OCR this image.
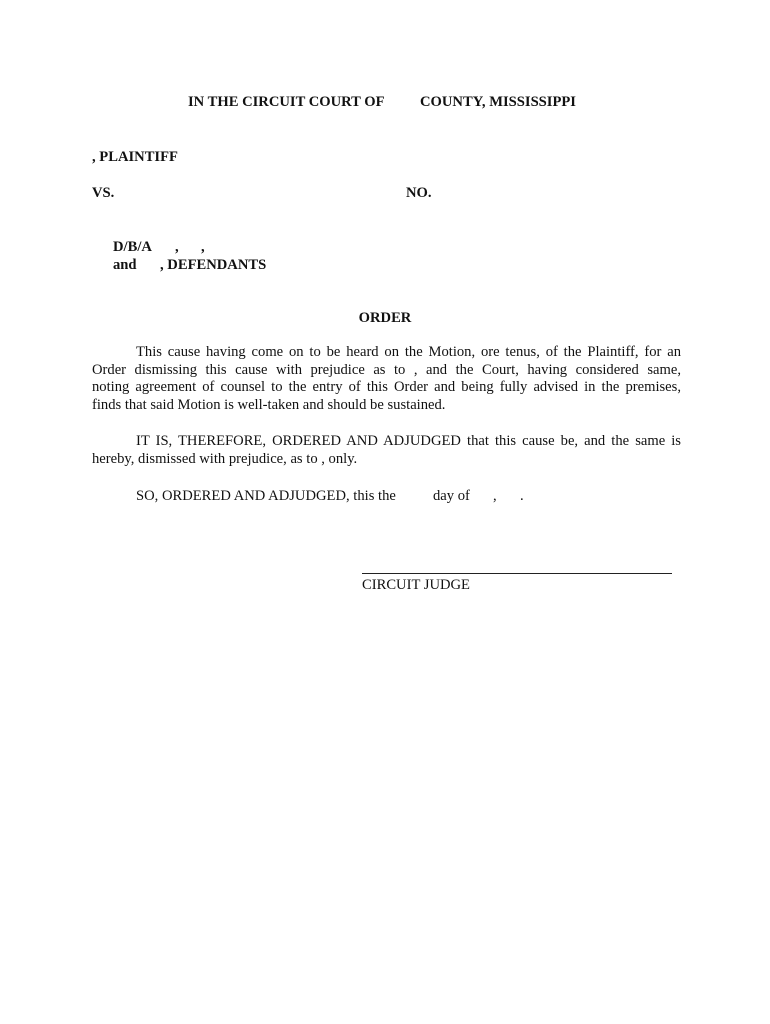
IN THE CIRCUIT COURT OF COUNTY, MISSISSIPPI
, PLAINTIFF
VS.	NO.
D/B/A , ,
and , DEFENDANTS
ORDER
This cause having come on to be heard on the Motion, ore tenus, of the Plaintiff, for an
Order dismissing this cause with prejudice as to , and the Court, having considered same,
noting agreement of counsel to the entry of this Order and being fully advised in the premises,
finds that said Motion is well-taken and should be sustained.
IT IS, THEREFORE, ORDERED AND ADJUDGED that this cause be, and the same is
hereby, dismissed with prejudice, as to , only.
SO, ORDERED AND ADJUDGED, this the	day of , .
CIRCUIT JUDGE
